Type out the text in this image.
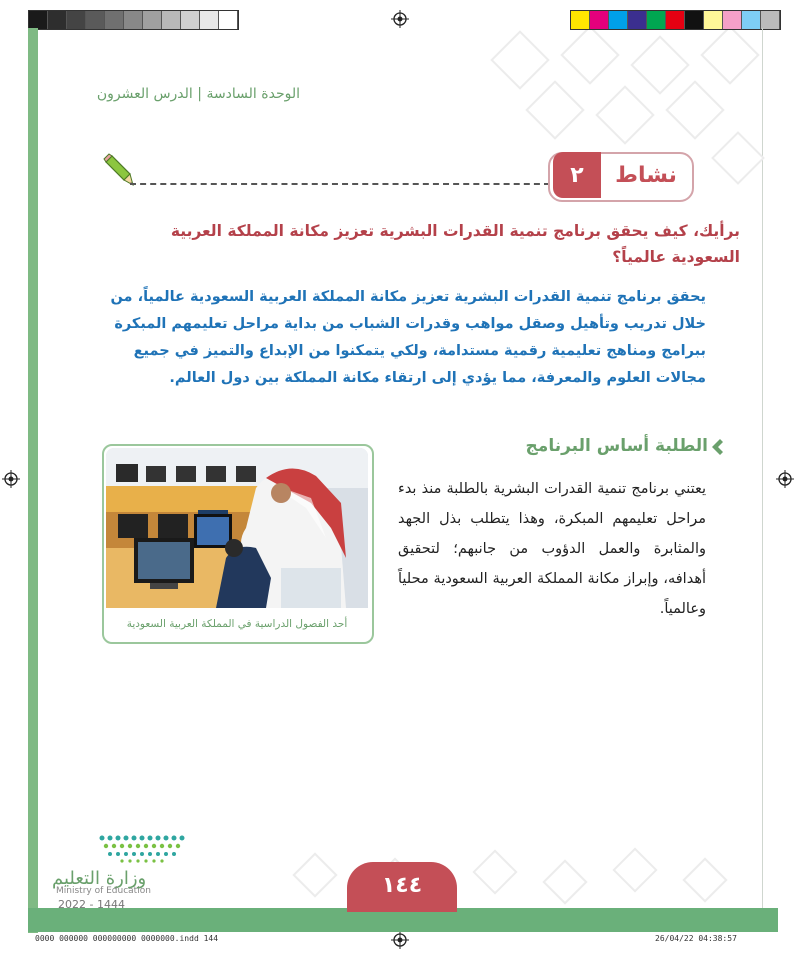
الوحدة السادسة | الدرس العشرون
٢	نشاط
برأيك، كيف يحقق برنامج تنمية القدرات البشرية تعزيز مكانة المملكة العربية السعودية عالمياً؟
يحقق برنامج تنمية القدرات البشرية تعزيز مكانة المملكة العربية السعودية عالمياً، من خلال تدريب وتأهيل وصقل مواهب وقدرات الشباب من بداية مراحل تعليمهم المبكرة ببرامج ومناهج تعليمية رقمية مستدامة، ولكي يتمكنوا من الإبداع والتميز في جميع مجالات العلوم والمعرفة، مما يؤدي إلى ارتقاء مكانة المملكة بين دول العالم.
الطلبة أساس البرنامج
يعتني برنامج تنمية القدرات البشرية بالطلبة منذ بدء مراحل تعليمهم المبكرة، وهذا يتطلب بذل الجهد والمثابرة والعمل الدؤوب من جانبهم؛ لتحقيق أهدافه، وإبراز مكانة المملكة العربية السعودية محلياً وعالمياً.
أحد الفصول الدراسية في المملكة العربية السعودية
وزارة التعليم
Ministry of Education
2022 - 1444
١٤٤
0000 000000 000000000 0000000.indd 144	26/04/22 04:38:57
